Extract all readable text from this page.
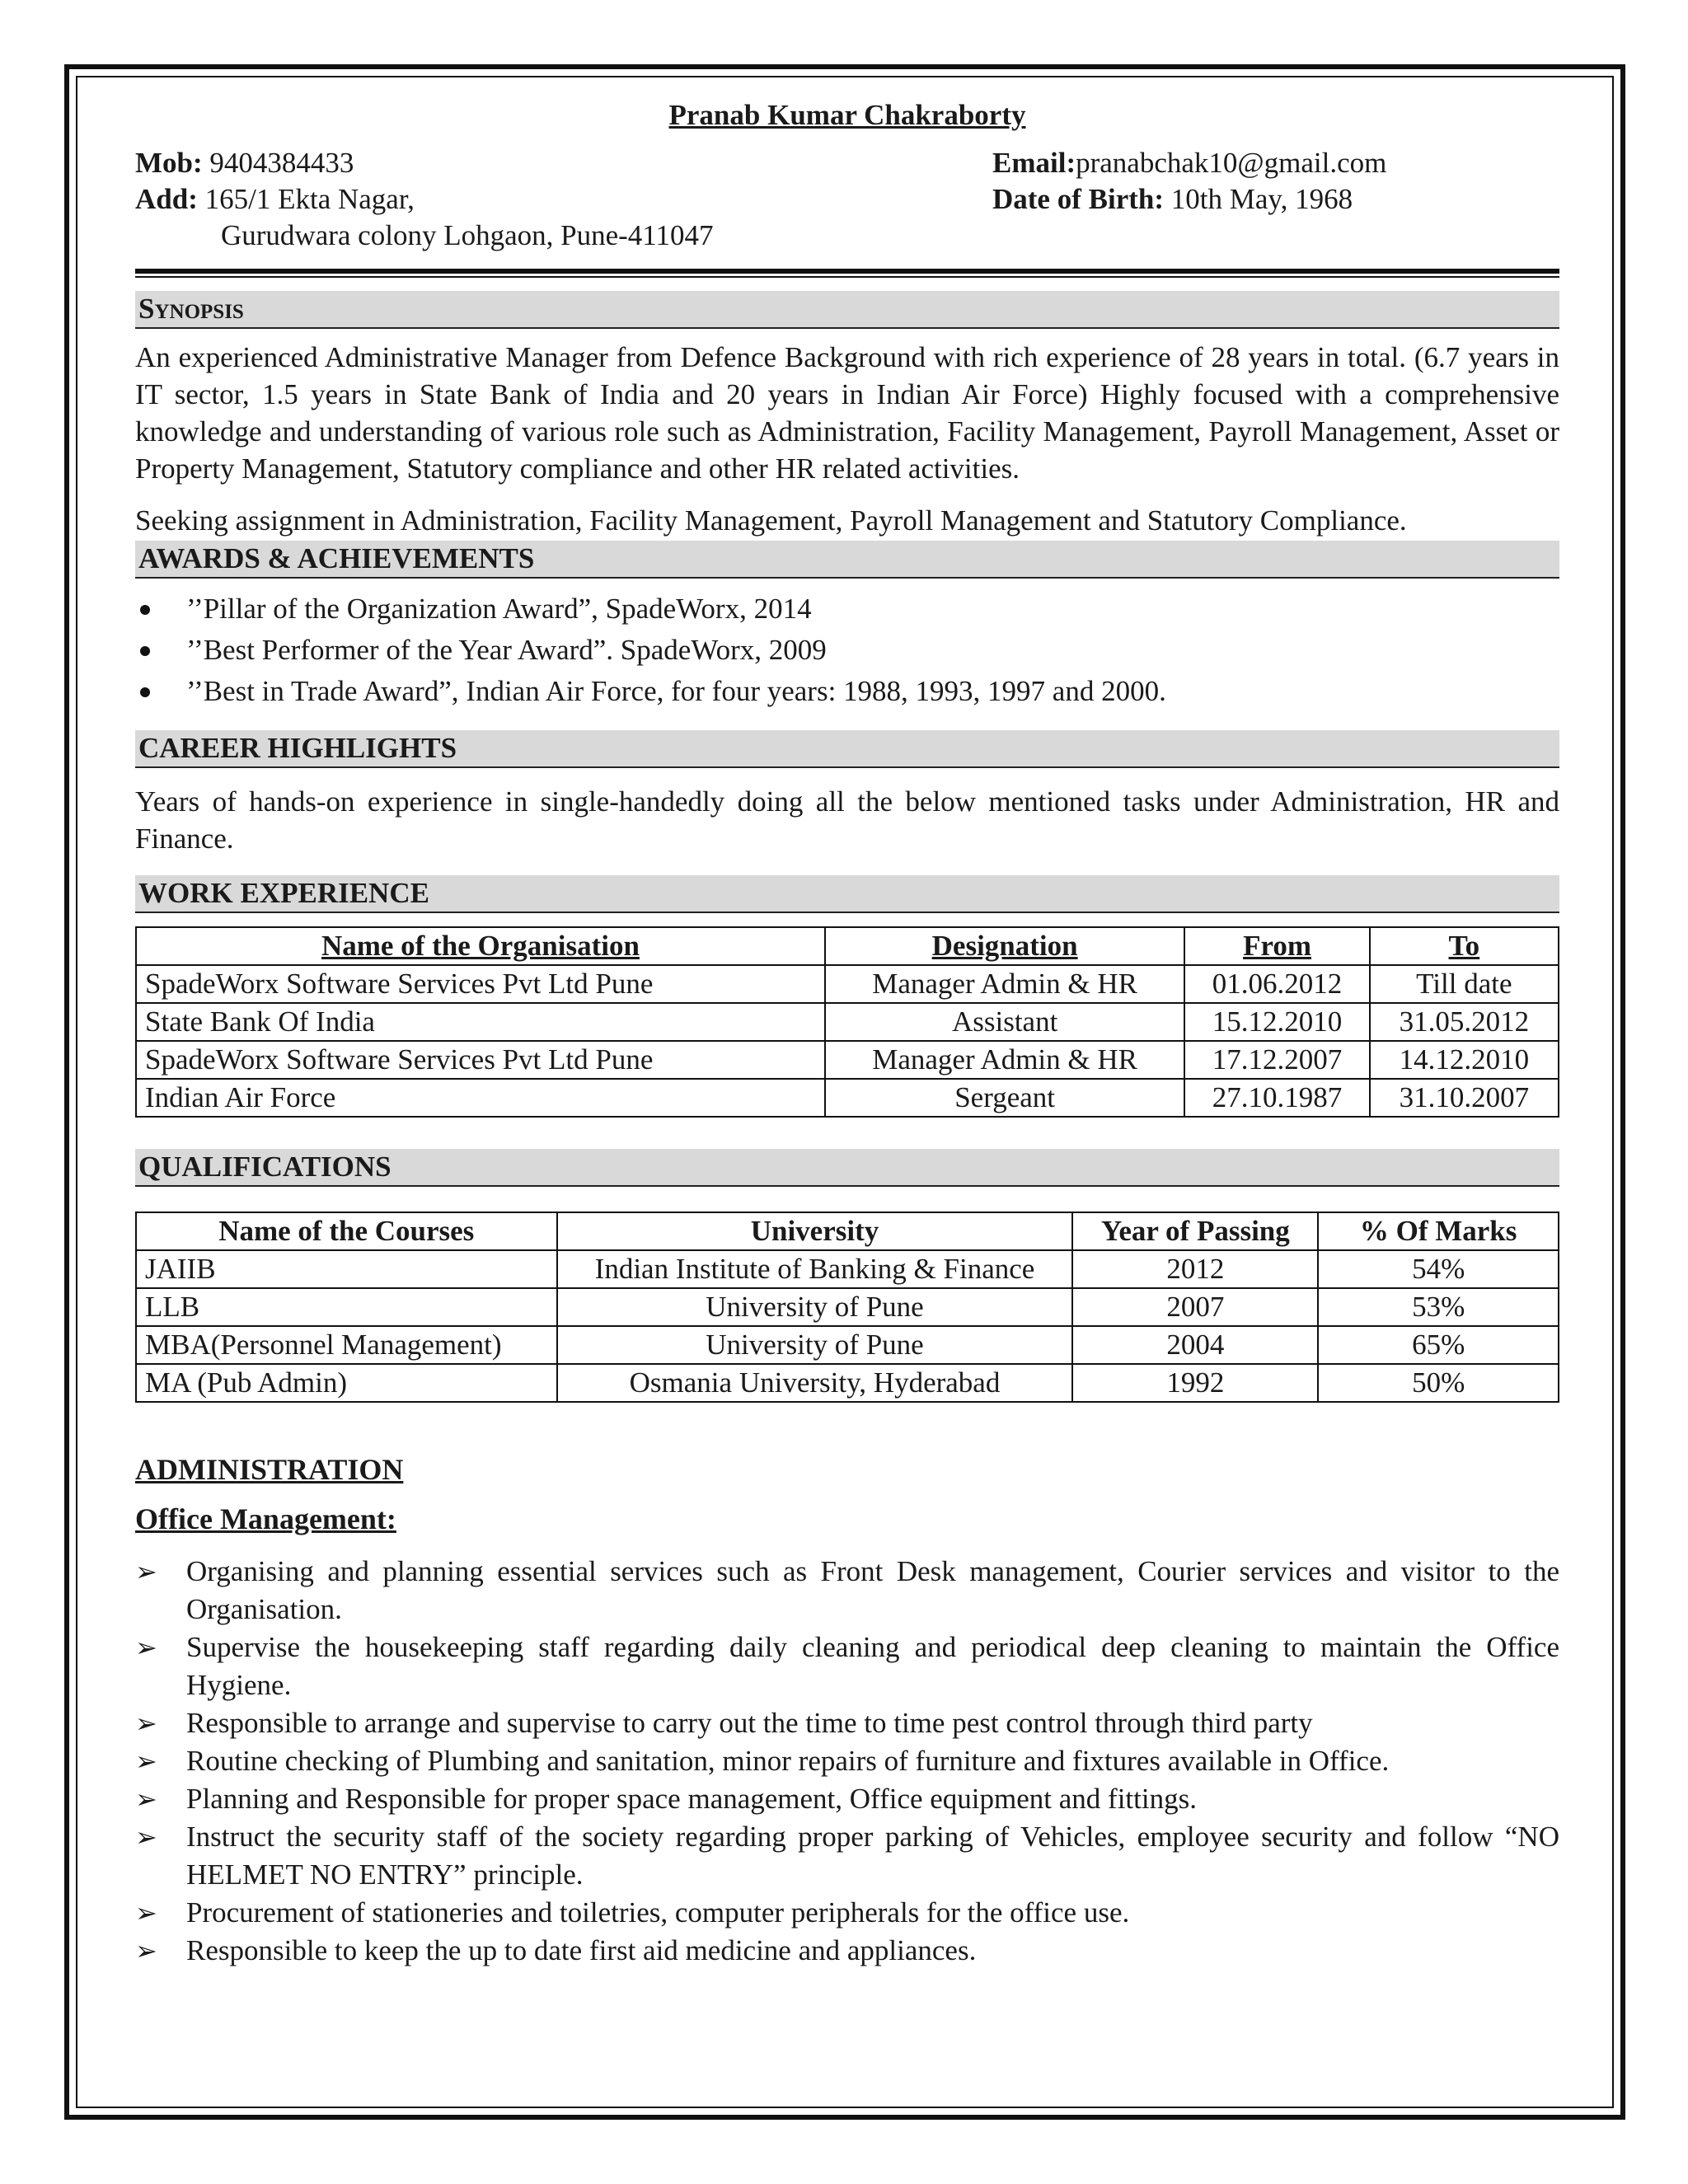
Pranab Kumar Chakraborty
Mob: 9404384433
Add: 165/1 Ekta Nagar,
Gurudwara colony Lohgaon, Pune-411047
Email:pranabchak10@gmail.com
Date of Birth: 10th May, 1968
Synopsis

An experienced Administrative Manager from Defence Background with rich experience of 28 years in total. (6.7 years in IT sector, 1.5 years in State Bank of India and 20 years in Indian Air Force) Highly focused with a comprehensive knowledge and understanding of various role such as Administration, Facility Management, Payroll Management, Asset or Property Management, Statutory compliance and other HR related activities.

Seeking assignment in Administration, Facility Management, Payroll Management and Statutory Compliance.

AWARDS & ACHIEVEMENTS
’’Pillar of the Organization Award”, SpadeWorx, 2014
’’Best Performer of the Year Award”. SpadeWorx, 2009
’’Best in Trade Award”, Indian Air Force, for four years: 1988, 1993, 1997 and 2000.
CAREER HIGHLIGHTS

Years of hands-on experience in single-handedly doing all the below mentioned tasks under Administration, HR and Finance.

WORK EXPERIENCE
Name of the Organisation	Designation	From	To
SpadeWorx Software Services Pvt Ltd Pune	Manager Admin & HR	01.06.2012	Till date
State Bank Of India	Assistant	15.12.2010	31.05.2012
SpadeWorx Software Services Pvt Ltd Pune	Manager Admin & HR	17.12.2007	14.12.2010
Indian Air Force	Sergeant	27.10.1987	31.10.2007
QUALIFICATIONS
Name of the Courses	University	Year of Passing	% Of Marks
JAIIB	Indian Institute of Banking & Finance	2012	54%
LLB	University of Pune	2007	53%
MBA(Personnel Management)	University of Pune	2004	65%
MA (Pub Admin)	Osmania University, Hyderabad	1992	50%
ADMINISTRATION
Office Management:
➢ Organising and planning essential services such as Front Desk management, Courier services and visitor to the Organisation.
➢ Supervise the housekeeping staff regarding daily cleaning and periodical deep cleaning to maintain the Office Hygiene.
➢ Responsible to arrange and supervise to carry out the time to time pest control through third party
➢ Routine checking of Plumbing and sanitation, minor repairs of furniture and fixtures available in Office.
➢ Planning and Responsible for proper space management, Office equipment and fittings.
➢ Instruct the security staff of the society regarding proper parking of Vehicles, employee security and follow “NO HELMET NO ENTRY” principle.
➢ Procurement of stationeries and toiletries, computer peripherals for the office use.
➢ Responsible to keep the up to date first aid medicine and appliances.
